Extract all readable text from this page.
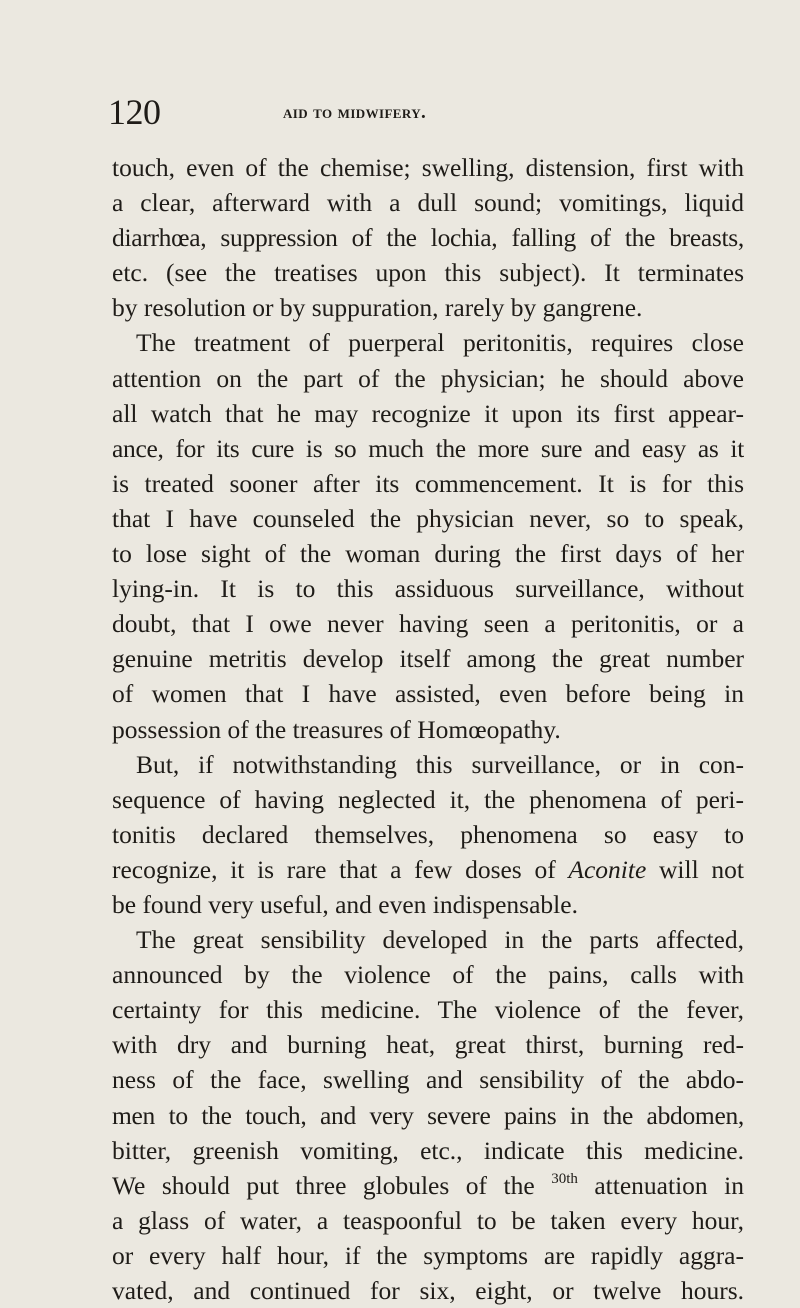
120	aid to midwifery.
touch, even of the chemise; swelling, distension, first with
a clear, afterward with a dull sound; vomitings, liquid
diarrhœa, suppression of the lochia, falling of the breasts,
etc. (see the treatises upon this subject). It terminates
by resolution or by suppuration, rarely by gangrene.
The treatment of puerperal peritonitis, requires close
attention on the part of the physician; he should above
all watch that he may recognize it upon its first appear-
ance, for its cure is so much the more sure and easy as it
is treated sooner after its commencement. It is for this
that I have counseled the physician never, so to speak,
to lose sight of the woman during the first days of her
lying-in. It is to this assiduous surveillance, without
doubt, that I owe never having seen a peritonitis, or a
genuine metritis develop itself among the great number
of women that I have assisted, even before being in
possession of the treasures of Homœopathy.
But, if notwithstanding this surveillance, or in con-
sequence of having neglected it, the phenomena of peri-
tonitis declared themselves, phenomena so easy to
recognize, it is rare that a few doses of Aconite will not
be found very useful, and even indispensable.
The great sensibility developed in the parts affected,
announced by the violence of the pains, calls with
certainty for this medicine. The violence of the fever,
with dry and burning heat, great thirst, burning red-
ness of the face, swelling and sensibility of the abdo-
men to the touch, and very severe pains in the abdomen,
bitter, greenish vomiting, etc., indicate this medicine.
We should put three globules of the $^{30th}$ attenuation in
a glass of water, a teaspoonful to be taken every hour,
or every half hour, if the symptoms are rapidly aggra-
vated, and continued for six, eight, or twelve hours.
